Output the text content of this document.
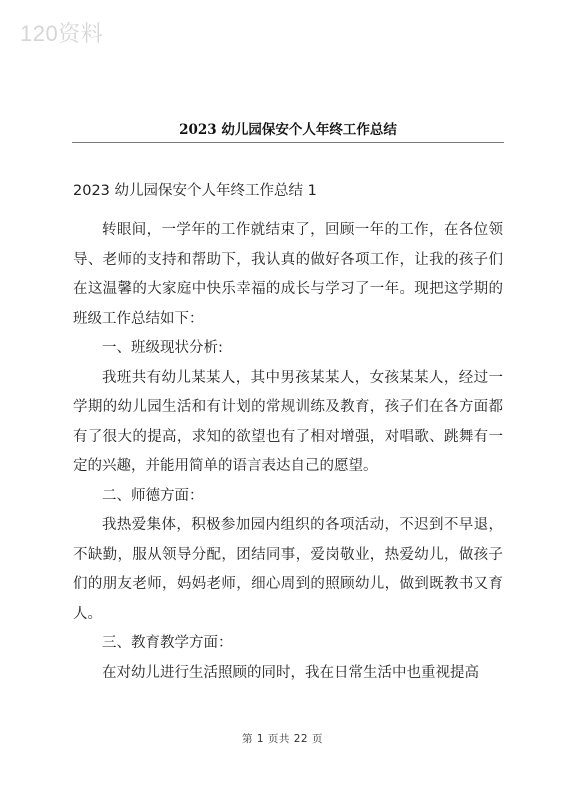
120资料
2023 幼儿园保安个人年终工作总结
2023 幼儿园保安个人年终工作总结 1

转眼间，一学年的工作就结束了，回顾一年的工作，在各位领导、老师的支持和帮助下，我认真的做好各项工作，让我的孩子们在这温馨的大家庭中快乐幸福的成长与学习了一年。现把这学期的班级工作总结如下：

一、班级现状分析:

我班共有幼儿某某人，其中男孩某某人，女孩某某人，经过一学期的幼儿园生活和有计划的常规训练及教育，孩子们在各方面都有了很大的提高，求知的欲望也有了相对增强，对唱歌、跳舞有一定的兴趣，并能用简单的语言表达自己的愿望。

二、师德方面：

我热爱集体，积极参加园内组织的各项活动，不迟到不早退，不缺勤，服从领导分配，团结同事，爱岗敬业，热爱幼儿，做孩子们的朋友老师，妈妈老师，细心周到的照顾幼儿，做到既教书又育人。

三、教育教学方面：

在对幼儿进行生活照顾的同时，我在日常生活中也重视提高

第 1 页共 22 页
